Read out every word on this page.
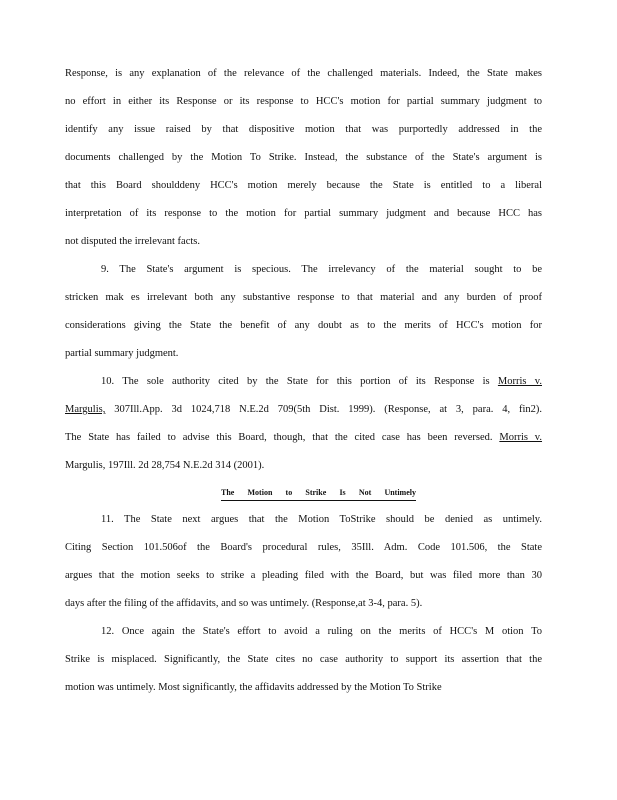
Response, is any explanation of the relevance of the challenged materials. Indeed, the State makes
no effort in either its Response or its response to HCC's motion for partial summary judgment to
identify any issue raised by that dispositive motion that was purportedly addressed in the
documents challenged by the Motion To Strike. Instead, the substance of the State's argument is
that this Board shoulddeny HCC's motion merely because the State is entitled to a liberal
interpretation of its response to the motion for partial summary judgment and because HCC has
not disputed the irrelevant facts.
9. The State's argument is specious. The irrelevancy of the material sought to be
stricken mak es irrelevant both any substantive response to that material and any burden of proof
considerations giving the State the benefit of any doubt as to the merits of HCC's motion for
partial summary judgment.
10. The sole authority cited by the State for this portion of its Response is Morris v.
Margulis, 307Ill.App. 3d 1024,718 N.E.2d 709(5th Dist. 1999). (Response, at 3, para. 4, fin2).
The State has failed to advise this Board, though, that the cited case has been reversed. Morris v.
Margulis, 197Ill. 2d 28,754 N.E.2d 314 (2001).
The Motion to Strike Is Not Untimely
11. The State next argues that the Motion ToStrike should be denied as untimely.
Citing Section 101.506of the Board's procedural rules, 35Ill. Adm. Code 101.506, the State
argues that the motion seeks to strike a pleading filed with the Board, but was filed more than 30
days after the filing of the affidavits, and so was untimely. (Response,at 3-4, para. 5).
12. Once again the State's effort to avoid a ruling on the merits of HCC's M otion To
Strike is misplaced. Significantly, the State cites no case authority to support its assertion that the
motion was untimely. Most significantly, the affidavits addressed by the Motion To Strike
